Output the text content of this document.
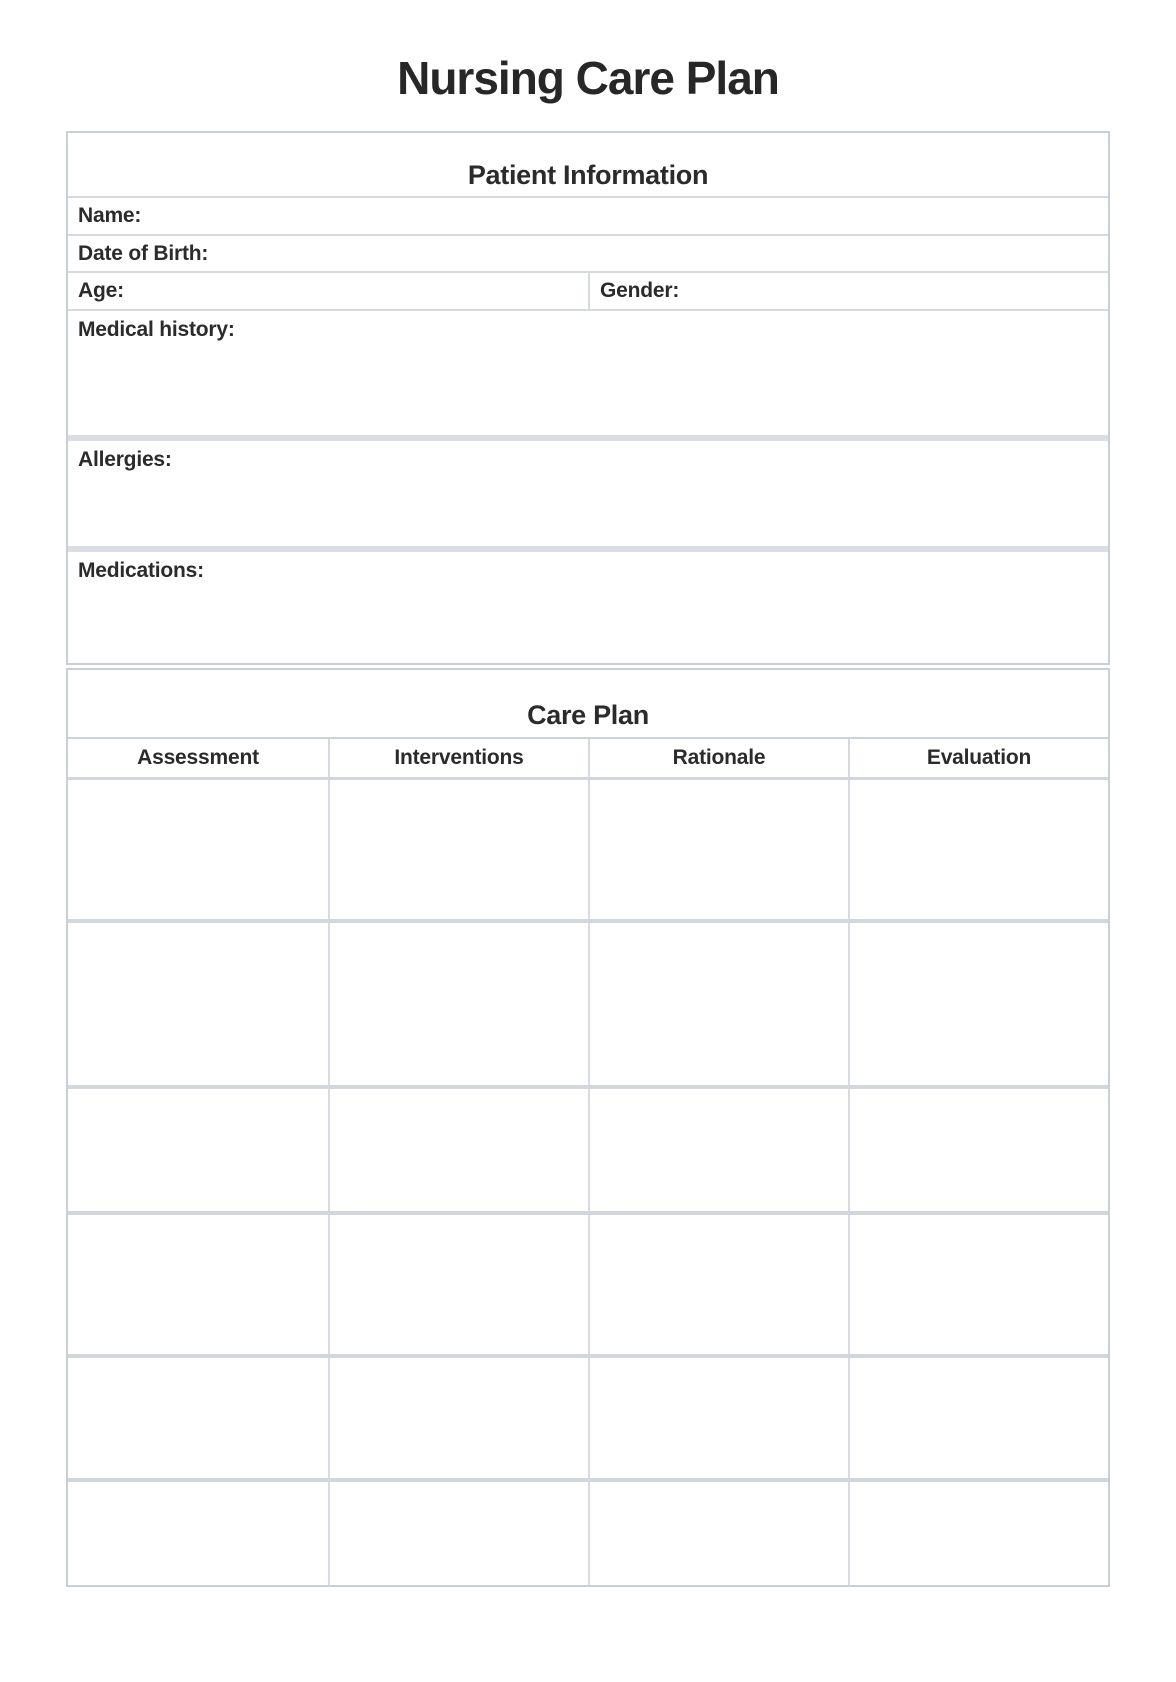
Nursing Care Plan
Patient Information
Name:
Date of Birth:
Age:	Gender:
Medical history:
Allergies:
Medications:
Care Plan
Assessment	Interventions	Rationale	Evaluation
